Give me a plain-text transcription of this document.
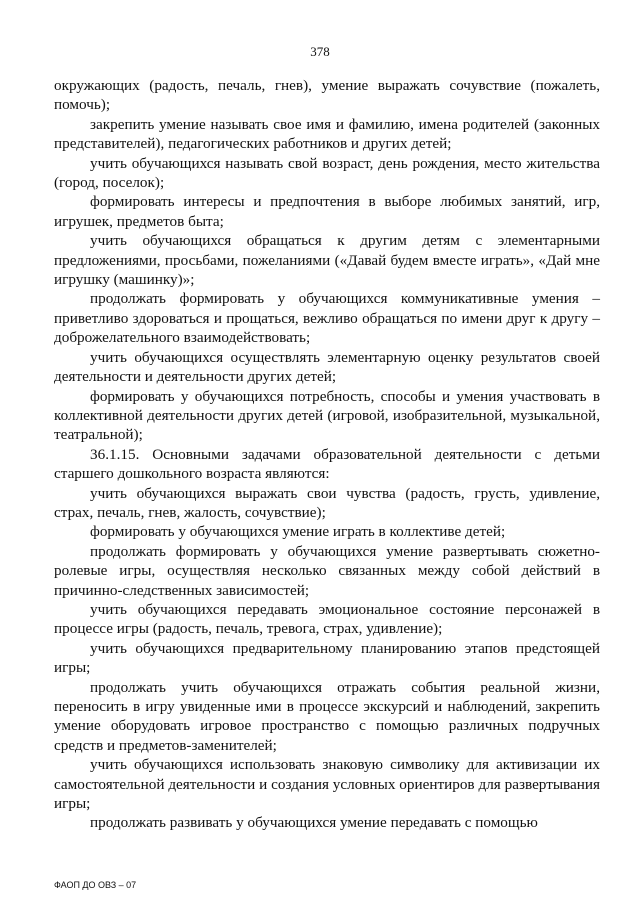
378

окружающих (радость, печаль, гнев), умение выражать сочувствие (пожалеть, помочь);

закрепить умение называть свое имя и фамилию, имена родителей (законных представителей), педагогических работников и других детей;

учить обучающихся называть свой возраст, день рождения, место жительства (город, поселок);

формировать интересы и предпочтения в выборе любимых занятий, игр, игрушек, предметов быта;

учить обучающихся обращаться к другим детям с элементарными предложениями, просьбами, пожеланиями («Давай будем вместе играть», «Дай мне игрушку (машинку)»;

продолжать формировать у обучающихся коммуникативные умения – приветливо здороваться и прощаться, вежливо обращаться по имени друг к другу – доброжелательного взаимодействовать;

учить обучающихся осуществлять элементарную оценку результатов своей деятельности и деятельности других детей;

формировать у обучающихся потребность, способы и умения участвовать в коллективной деятельности других детей (игровой, изобразительной, музыкальной, театральной);

36.1.15. Основными задачами образовательной деятельности с детьми старшего дошкольного возраста являются:

учить обучающихся выражать свои чувства (радость, грусть, удивление, страх, печаль, гнев, жалость, сочувствие);

формировать у обучающихся умение играть в коллективе детей;

продолжать формировать у обучающихся умение развертывать сюжетно-ролевые игры, осуществляя несколько связанных между собой действий в причинно-следственных зависимостей;

учить обучающихся передавать эмоциональное состояние персонажей в процессе игры (радость, печаль, тревога, страх, удивление);

учить обучающихся предварительному планированию этапов предстоящей игры;

продолжать учить обучающихся отражать события реальной жизни, переносить в игру увиденные ими в процессе экскурсий и наблюдений, закрепить умение оборудовать игровое пространство с помощью различных подручных средств и предметов-заменителей;

учить обучающихся использовать знаковую символику для активизации их самостоятельной деятельности и создания условных ориентиров для развертывания игры;

продолжать развивать у обучающихся умение передавать с помощью

ФАОП ДО ОВЗ – 07
